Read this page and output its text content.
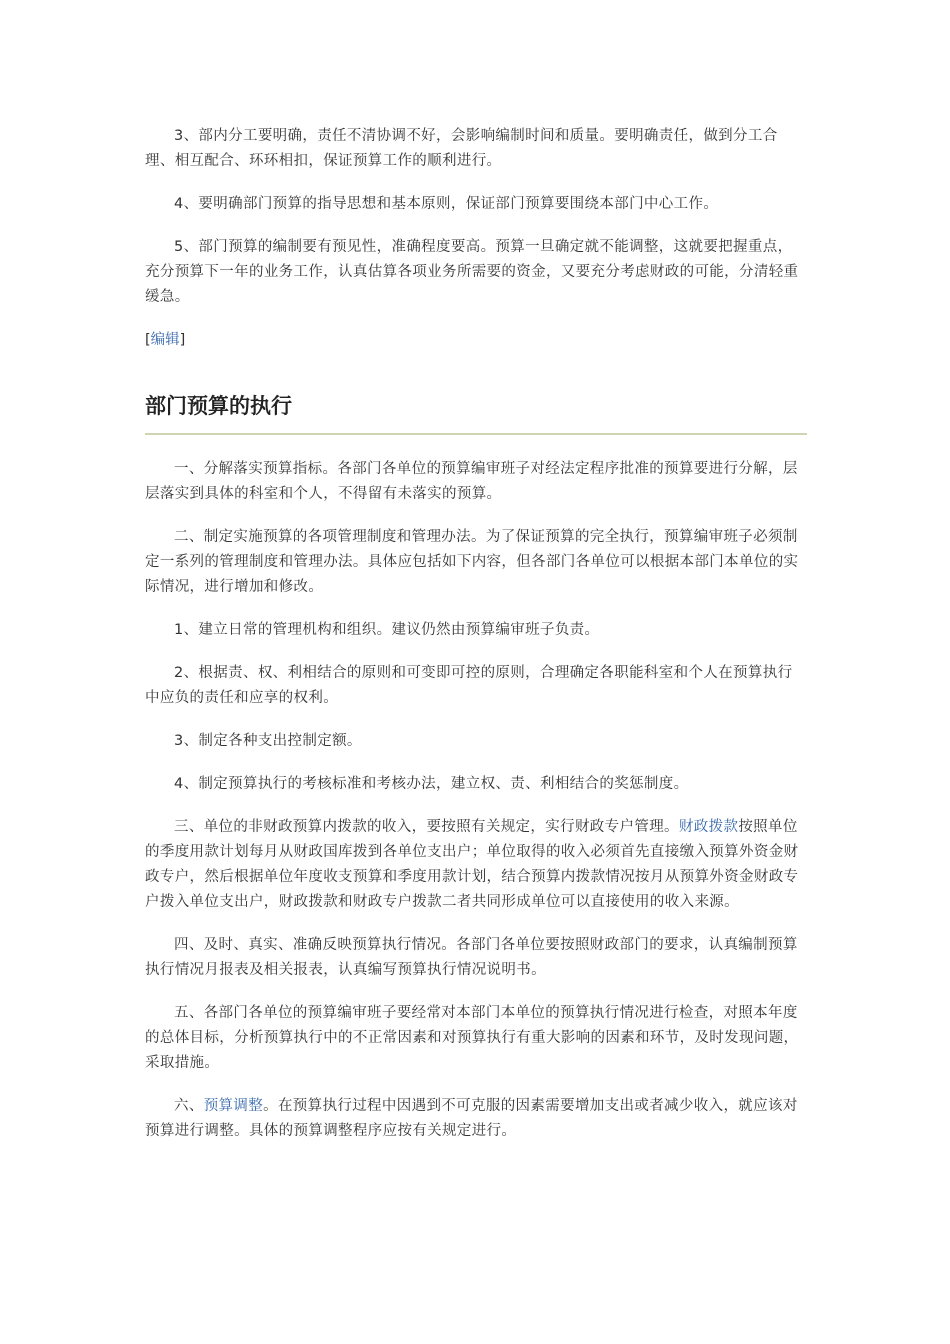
3、部内分工要明确，责任不清协调不好，会影响编制时间和质量。要明确责任，做到分工合理、相互配合、环环相扣，保证预算工作的顺利进行。

4、要明确部门预算的指导思想和基本原则，保证部门预算要围绕本部门中心工作。

5、部门预算的编制要有预见性，准确程度要高。预算一旦确定就不能调整，这就要把握重点，充分预算下一年的业务工作，认真估算各项业务所需要的资金，又要充分考虑财政的可能，分清轻重缓急。

[编辑]

部门预算的执行

一、分解落实预算指标。各部门各单位的预算编审班子对经法定程序批准的预算要进行分解，层层落实到具体的科室和个人，不得留有未落实的预算。

二、制定实施预算的各项管理制度和管理办法。为了保证预算的完全执行，预算编审班子必须制定一系列的管理制度和管理办法。具体应包括如下内容，但各部门各单位可以根据本部门本单位的实际情况，进行增加和修改。

1、建立日常的管理机构和组织。建议仍然由预算编审班子负责。

2、根据责、权、利相结合的原则和可变即可控的原则，合理确定各职能科室和个人在预算执行中应负的责任和应享的权利。

3、制定各种支出控制定额。

4、制定预算执行的考核标准和考核办法，建立权、责、利相结合的奖惩制度。

三、单位的非财政预算内拨款的收入，要按照有关规定，实行财政专户管理。财政拨款按照单位的季度用款计划每月从财政国库拨到各单位支出户；单位取得的收入必须首先直接缴入预算外资金财政专户，然后根据单位年度收支预算和季度用款计划，结合预算内拨款情况按月从预算外资金财政专户拨入单位支出户，财政拨款和财政专户拨款二者共同形成单位可以直接使用的收入来源。

四、及时、真实、准确反映预算执行情况。各部门各单位要按照财政部门的要求，认真编制预算执行情况月报表及相关报表，认真编写预算执行情况说明书。

五、各部门各单位的预算编审班子要经常对本部门本单位的预算执行情况进行检查，对照本年度的总体目标，分析预算执行中的不正常因素和对预算执行有重大影响的因素和环节，及时发现问题，采取措施。

六、预算调整。在预算执行过程中因遇到不可克服的因素需要增加支出或者减少收入，就应该对预算进行调整。具体的预算调整程序应按有关规定进行。
